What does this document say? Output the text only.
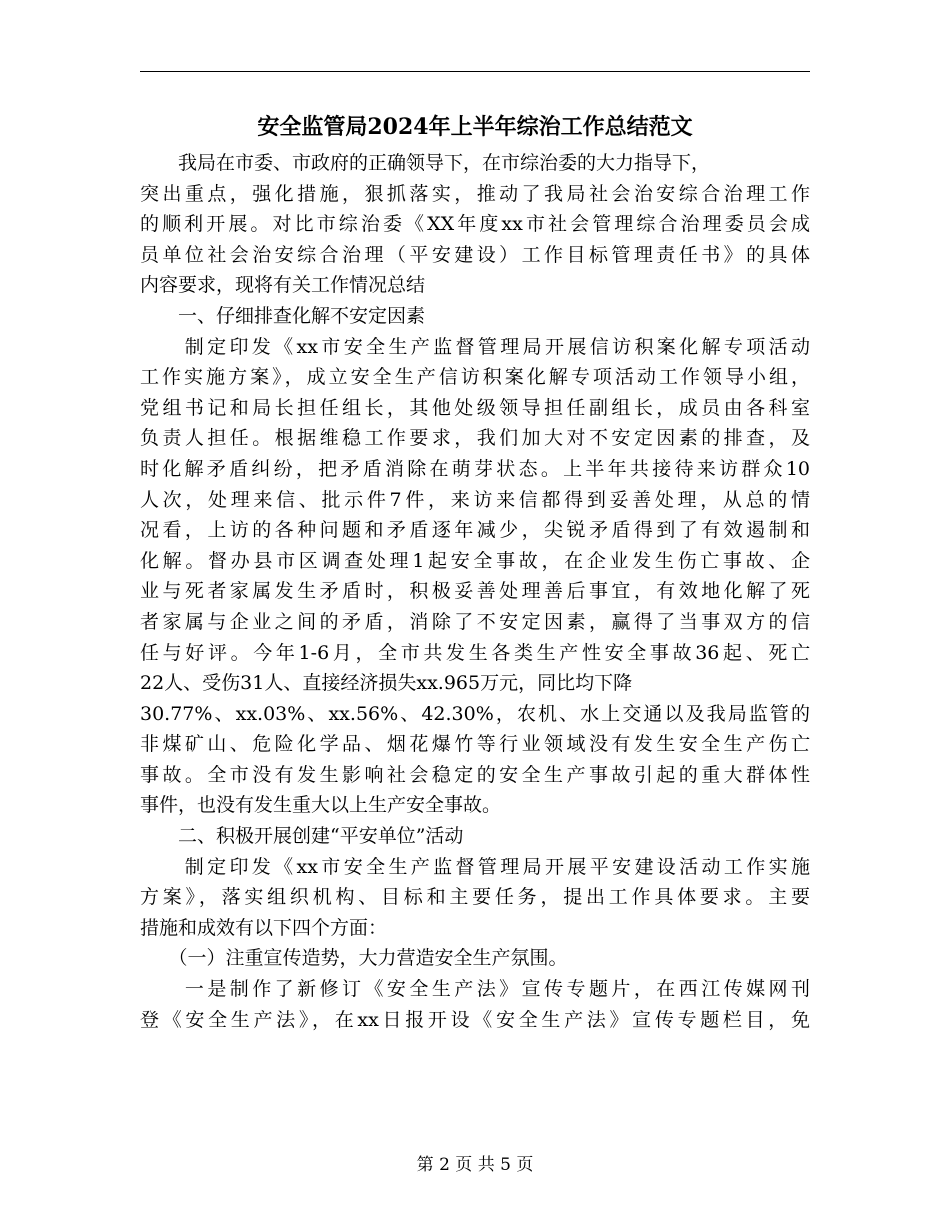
安全监管局2024年上半年综治工作总结范文
　　我局在市委、市政府的正确领导下，在市综治委的大力指导下，
突出重点，强化措施，狠抓落实，推动了我局社会治安综合治理工作
的顺利开展。对比市综治委《XX年度xx市社会管理综合治理委员会成
员单位社会治安综合治理（平安建设）工作目标管理责任书》的具体
内容要求，现将有关工作情况总结
　　一、仔细排查化解不安定因素
　　制定印发《xx市安全生产监督管理局开展信访积案化解专项活动
工作实施方案》，成立安全生产信访积案化解专项活动工作领导小组，
党组书记和局长担任组长，其他处级领导担任副组长，成员由各科室
负责人担任。根据维稳工作要求，我们加大对不安定因素的排查，及
时化解矛盾纠纷，把矛盾消除在萌芽状态。上半年共接待来访群众10
人次，处理来信、批示件7件，来访来信都得到妥善处理，从总的情
况看，上访的各种问题和矛盾逐年减少，尖锐矛盾得到了有效遏制和
化解。督办县市区调查处理1起安全事故，在企业发生伤亡事故、企
业与死者家属发生矛盾时，积极妥善处理善后事宜，有效地化解了死
者家属与企业之间的矛盾，消除了不安定因素，赢得了当事双方的信
任与好评。今年1-6月，全市共发生各类生产性安全事故36起、死亡
22人、受伤31人、直接经济损失xx.965万元，同比均下降
30.77%、xx.03%、xx.56%、42.30%，农机、水上交通以及我局监管的
非煤矿山、危险化学品、烟花爆竹等行业领域没有发生安全生产伤亡
事故。全市没有发生影响社会稳定的安全生产事故引起的重大群体性
事件，也没有发生重大以上生产安全事故。
　　二、积极开展创建“平安单位”活动
　　制定印发《xx市安全生产监督管理局开展平安建设活动工作实施
方案》，落实组织机构、目标和主要任务，提出工作具体要求。主要
措施和成效有以下四个方面：
　　（一）注重宣传造势，大力营造安全生产氛围。
　　一是制作了新修订《安全生产法》宣传专题片，在西江传媒网刊
登《安全生产法》，在xx日报开设《安全生产法》宣传专题栏目，免
第 2 页 共 5 页
